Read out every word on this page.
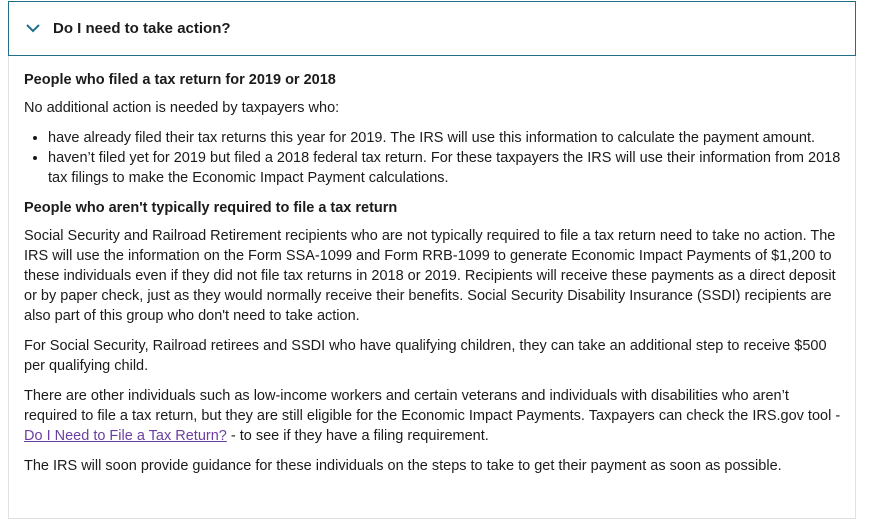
Do I need to take action?
People who filed a tax return for 2019 or 2018

No additional action is needed by taxpayers who:

• have already filed their tax returns this year for 2019. The IRS will use this information to calculate the payment amount.
• haven’t filed yet for 2019 but filed a 2018 federal tax return. For these taxpayers the IRS will use their information from 2018 tax filings to make the Economic Impact Payment calculations.
People who aren't typically required to file a tax return

Social Security and Railroad Retirement recipients who are not typically required to file a tax return need to take no action. The IRS will use the information on the Form SSA-1099 and Form RRB-1099 to generate Economic Impact Payments of $1,200 to these individuals even if they did not file tax returns in 2018 or 2019. Recipients will receive these payments as a direct deposit or by paper check, just as they would normally receive their benefits. Social Security Disability Insurance (SSDI) recipients are also part of this group who don't need to take action.

For Social Security, Railroad retirees and SSDI who have qualifying children, they can take an additional step to receive $500 per qualifying child.

There are other individuals such as low-income workers and certain veterans and individuals with disabilities who aren’t required to file a tax return, but they are still eligible for the Economic Impact Payments. Taxpayers can check the IRS.gov tool - Do I Need to File a Tax Return? - to see if they have a filing requirement.

The IRS will soon provide guidance for these individuals on the steps to take to get their payment as soon as possible.
